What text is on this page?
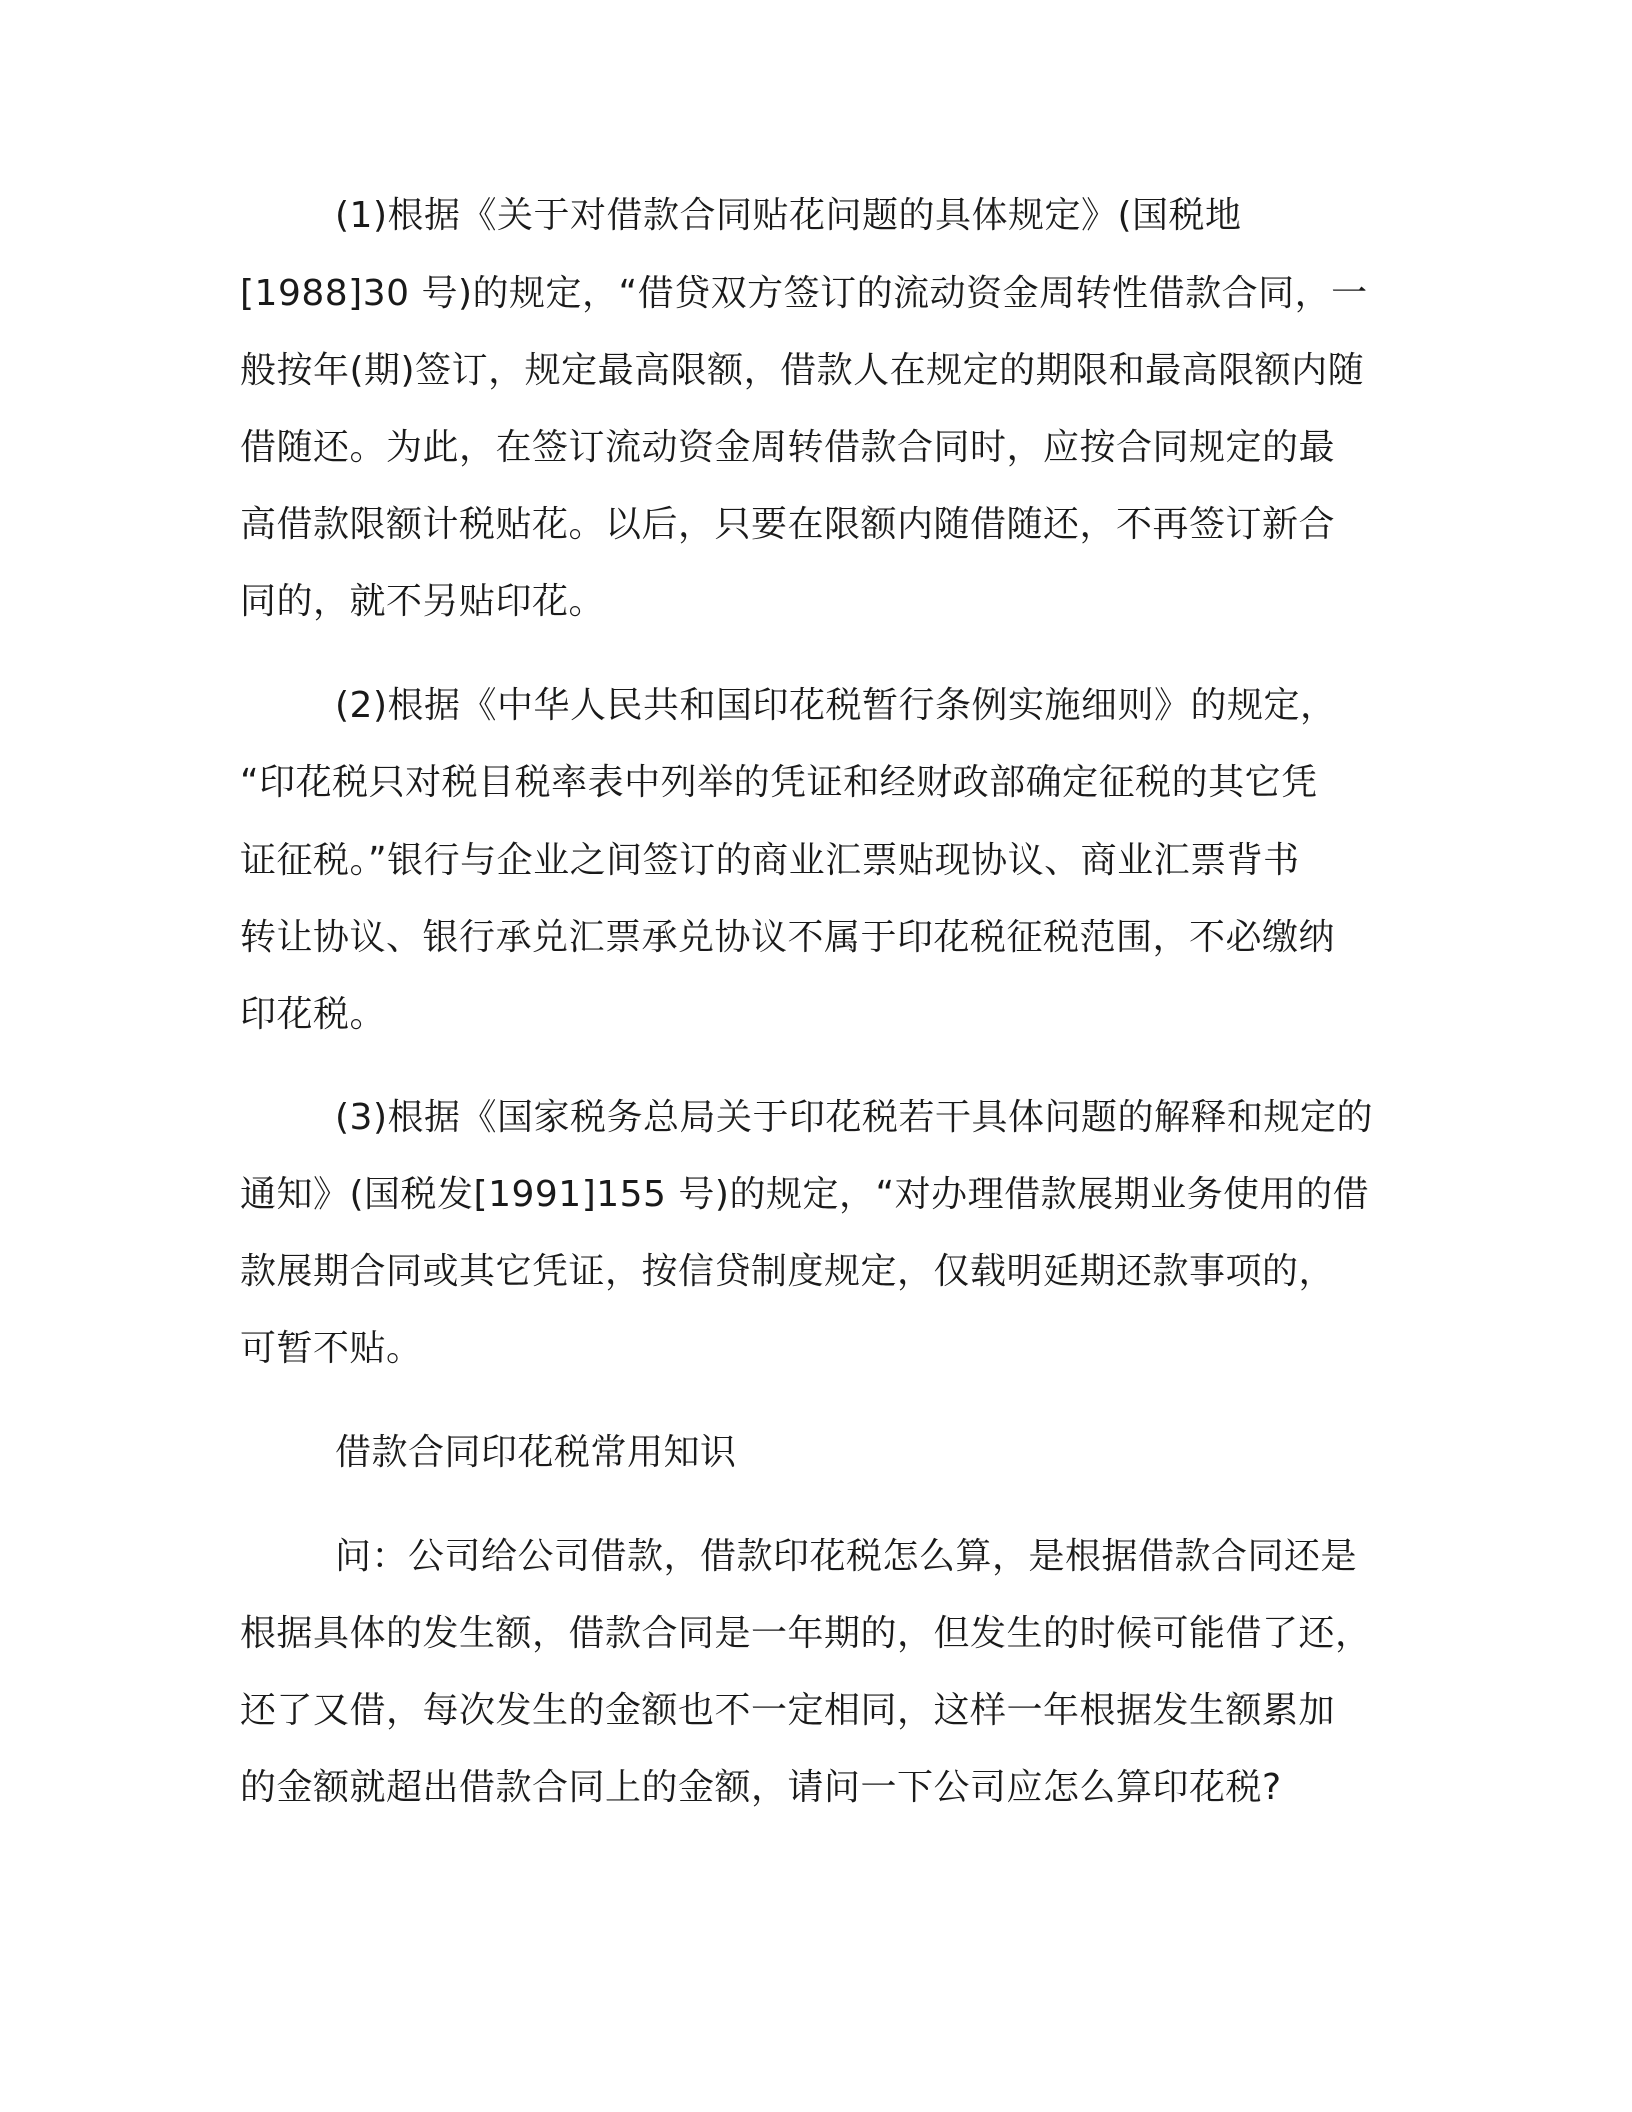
(1)根据《关于对借款合同贴花问题的具体规定》(国税地

[1988]30 号)的规定，“借贷双方签订的流动资金周转性借款合同，一

般按年(期)签订，规定最高限额，借款人在规定的期限和最高限额内随

借随还。为此，在签订流动资金周转借款合同时，应按合同规定的最

高借款限额计税贴花。以后，只要在限额内随借随还，不再签订新合

同的，就不另贴印花。

(2)根据《中华人民共和国印花税暂行条例实施细则》的规定，

“印花税只对税目税率表中列举的凭证和经财政部确定征税的其它凭

证征税。”银行与企业之间签订的商业汇票贴现协议、商业汇票背书

转让协议、银行承兑汇票承兑协议不属于印花税征税范围，不必缴纳

印花税。

(3)根据《国家税务总局关于印花税若干具体问题的解释和规定的

通知》(国税发[1991]155 号)的规定，“对办理借款展期业务使用的借

款展期合同或其它凭证，按信贷制度规定，仅载明延期还款事项的，

可暂不贴。

借款合同印花税常用知识

问：公司给公司借款，借款印花税怎么算，是根据借款合同还是

根据具体的发生额，借款合同是一年期的，但发生的时候可能借了还，

还了又借，每次发生的金额也不一定相同，这样一年根据发生额累加

的金额就超出借款合同上的金额，请问一下公司应怎么算印花税?
